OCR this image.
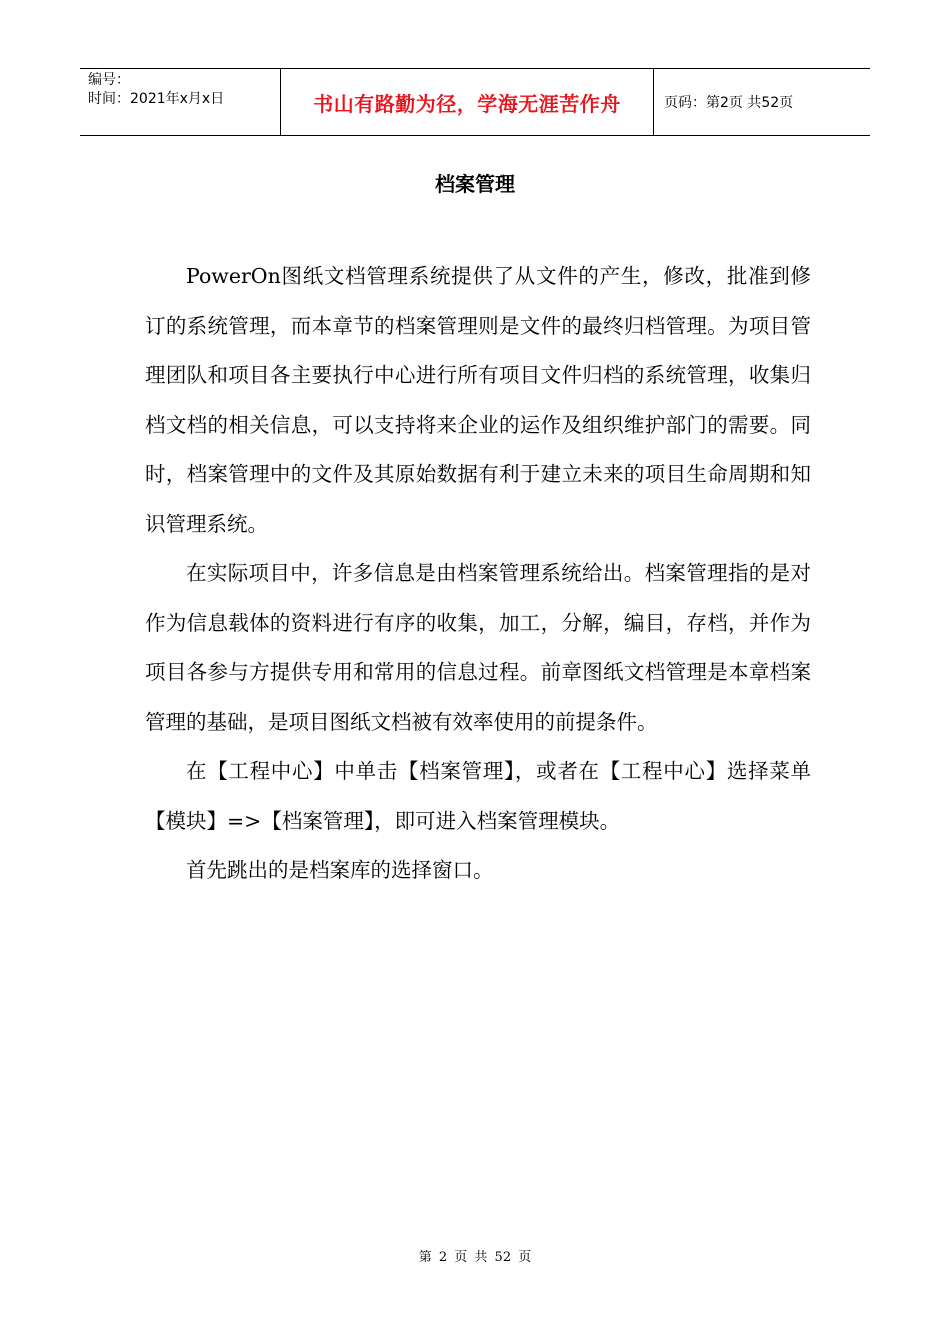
编号：
时间：2021年x月x日	书山有路勤为径，学海无涯苦作舟	页码：第2页 共52页
档案管理

PowerOn图纸文档管理系统提供了从文件的产生，修改，批准到修订的系统管理，而本章节的档案管理则是文件的最终归档管理。为项目管理团队和项目各主要执行中心进行所有项目文件归档的系统管理，收集归档文档的相关信息，可以支持将来企业的运作及组织维护部门的需要。同时，档案管理中的文件及其原始数据有利于建立未来的项目生命周期和知识管理系统。

在实际项目中，许多信息是由档案管理系统给出。档案管理指的是对作为信息载体的资料进行有序的收集，加工，分解，编目，存档，并作为项目各参与方提供专用和常用的信息过程。前章图纸文档管理是本章档案管理的基础，是项目图纸文档被有效率使用的前提条件。

在【工程中心】中单击【档案管理】，或者在【工程中心】选择菜单【模块】=>【档案管理】，即可进入档案管理模块。

首先跳出的是档案库的选择窗口。

第 2 页 共 52 页
